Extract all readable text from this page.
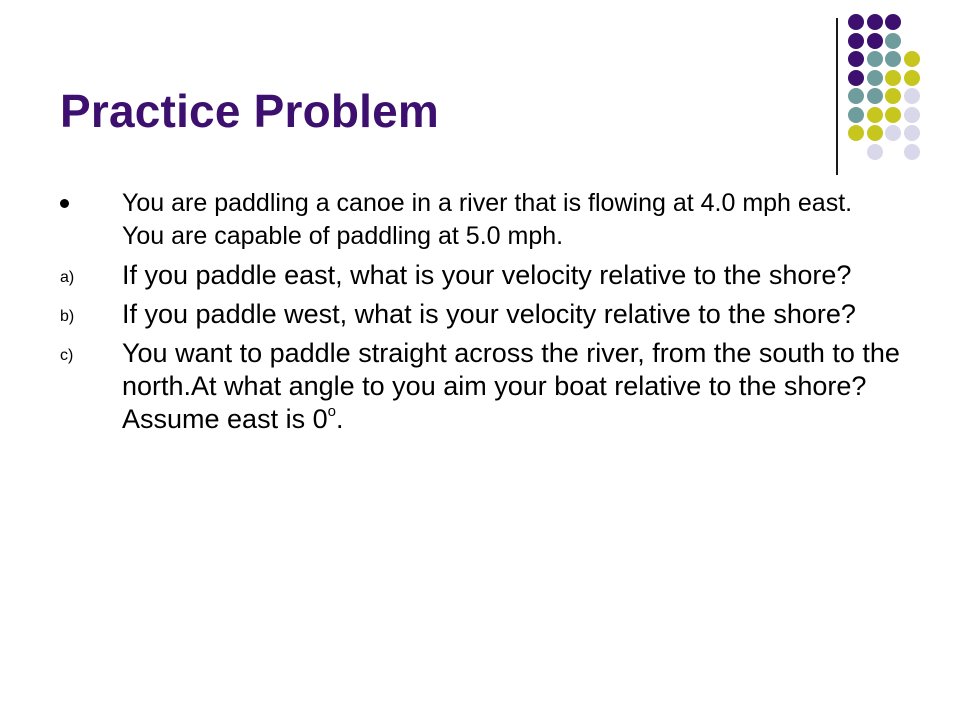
Practice Problem
You are paddling a canoe in a river that is flowing at 4.0 mph east. You are capable of paddling at 5.0 mph.
a) If you paddle east, what is your velocity relative to the shore?
b) If you paddle west, what is your velocity relative to the shore?
c) You want to paddle straight across the river, from the south to the north.At what angle to you aim your boat relative to the shore? Assume east is 0$^o$.
